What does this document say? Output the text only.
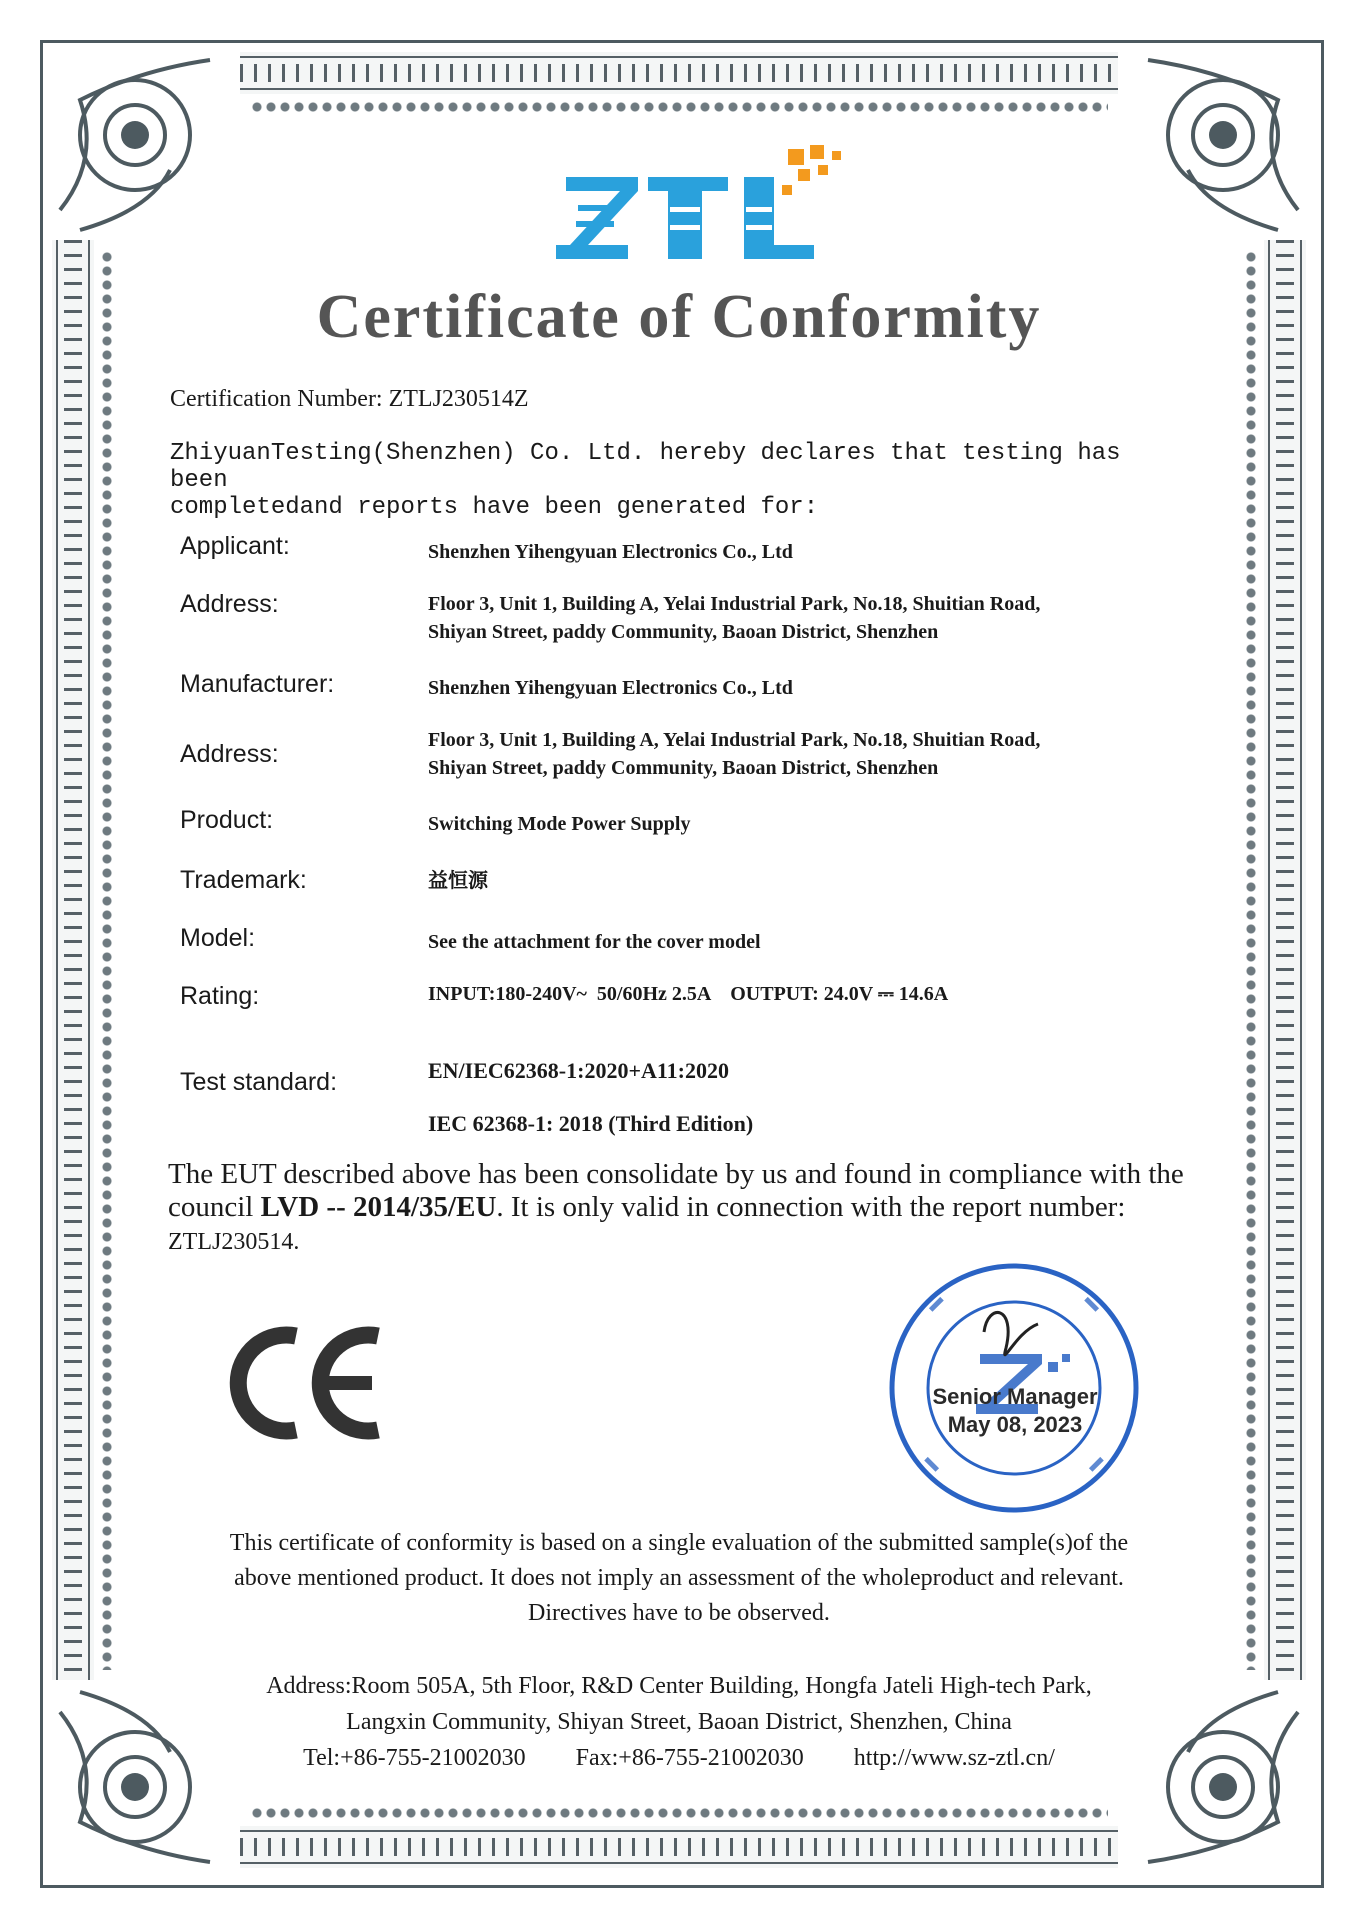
Certificate of Conformity
Certification Number: ZTLJ230514Z
ZhiyuanTesting(Shenzhen) Co. Ltd. hereby declares that testing has been
completedand reports have been generated for:
Applicant:	Shenzhen Yihengyuan Electronics Co., Ltd
Address:	Floor 3, Unit 1, Building A, Yelai Industrial Park, No.18, Shuitian Road,
Shiyan Street, paddy Community, Baoan District, Shenzhen
Manufacturer:	Shenzhen Yihengyuan Electronics Co., Ltd
Address:	Floor 3, Unit 1, Building A, Yelai Industrial Park, No.18, Shuitian Road,
Shiyan Street, paddy Community, Baoan District, Shenzhen
Product:	Switching Mode Power Supply
Trademark:	益恒源
Model:	See the attachment for the cover model
Rating:	INPUT:180-240V~  50/60Hz 2.5A    OUTPUT: 24.0V ⎓ 14.6A
Test standard:	EN/IEC62368-1:2020+A11:2020
IEC 62368-1: 2018 (Third Edition)
The EUT described above has been consolidate by us and found in compliance with the council LVD -- 2014/35/EU. It is only valid in connection with the report number: ZTLJ230514.
Senior Manager
May 08, 2023
This certificate of conformity is based on a single evaluation of the submitted sample(s)of the
above mentioned product. It does not imply an assessment of the wholeproduct and relevant.
Directives have to be observed.
Address:Room 505A, 5th Floor, R&D Center Building, Hongfa Jateli High-tech Park,
Langxin Community, Shiyan Street, Baoan District, Shenzhen, China
Tel:+86-755-21002030 Fax:+86-755-21002030 http://www.sz-ztl.cn/
